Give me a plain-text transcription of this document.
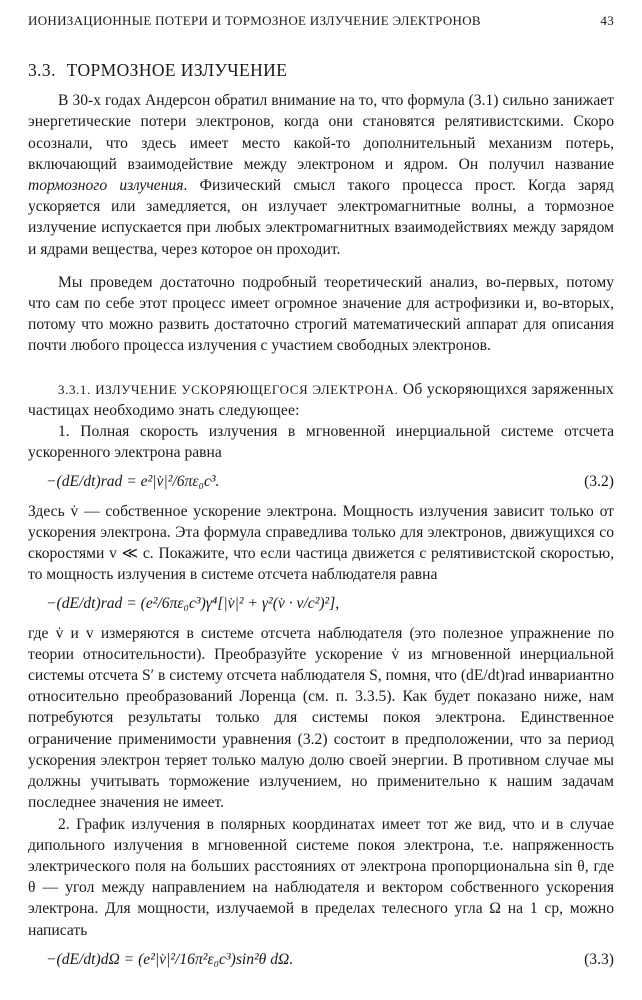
ИОНИЗАЦИОННЫЕ ПОТЕРИ И ТОРМОЗНОЕ ИЗЛУЧЕНИЕ ЭЛЕКТРОНОВ	43
3.3. ТОРМОЗНОЕ ИЗЛУЧЕНИЕ

В 30-х годах Андерсон обратил внимание на то, что формула (3.1) сильно занижает энергетические потери электронов, когда они становятся релятивистскими. Скоро осознали, что здесь имеет место какой-то дополнительный механизм потерь, включающий взаимодействие между электроном и ядром. Он получил название тормозного излучения. Физический смысл такого процесса прост. Когда заряд ускоряется или замедляется, он излучает электромагнитные волны, а тормозное излучение испускается при любых электромагнитных взаимодействиях между зарядом и ядрами вещества, через которое он проходит.

Мы проведем достаточно подробный теоретический анализ, во-первых, потому что сам по себе этот процесс имеет огромное значение для астрофизики и, во-вторых, потому что можно развить достаточно строгий математический аппарат для описания почти любого процесса излучения с участием свободных электронов.

3.3.1. ИЗЛУЧЕНИЕ УСКОРЯЮЩЕГОСЯ ЭЛЕКТРОНА. Об ускоряющихся заряженных частицах необходимо знать следующее:

1. Полная скорость излучения в мгновенной инерциальной системе отсчета ускоренного электрона равна

−(dE/dt)rad = e²|v̇|²/6πε₀c³.	(3.2)

Здесь v̇ — собственное ускорение электрона. Мощность излучения зависит только от ускорения электрона. Эта формула справедлива только для электронов, движущихся со скоростями v ≪ c. Покажите, что если частица движется с релятивистской скоростью, то мощность излучения в системе отсчета наблюдателя равна

−(dE/dt)rad = (e²/6πε₀c³)γ⁴[|v̇|² + γ²(v̇ · v/c²)²],

где v̇ и v измеряются в системе отсчета наблюдателя (это полезное упражнение по теории относительности). Преобразуйте ускорение v̇ из мгновенной инерциальной системы отсчета S′ в систему отсчета наблюдателя S, помня, что (dE/dt)rad инвариантно относительно преобразований Лоренца (см. п. 3.3.5). Как будет показано ниже, нам потребуются результаты только для системы покоя электрона. Единственное ограничение применимости уравнения (3.2) состоит в предположении, что за период ускорения электрон теряет только малую долю своей энергии. В противном случае мы должны учитывать торможение излучением, но применительно к нашим задачам последнее значения не имеет.

2. График излучения в полярных координатах имеет тот же вид, что и в случае дипольного излучения в мгновенной системе покоя электрона, т.е. напряженность электрического поля на больших расстояниях от электрона пропорциональна sin θ, где θ — угол между направлением на наблюдателя и вектором собственного ускорения электрона. Для мощности, излучаемой в пределах телесного угла Ω на 1 ср, можно написать

−(dE/dt)dΩ = (e²|v̇|²/16π²ε₀c³)sin²θ dΩ.	(3.3)
